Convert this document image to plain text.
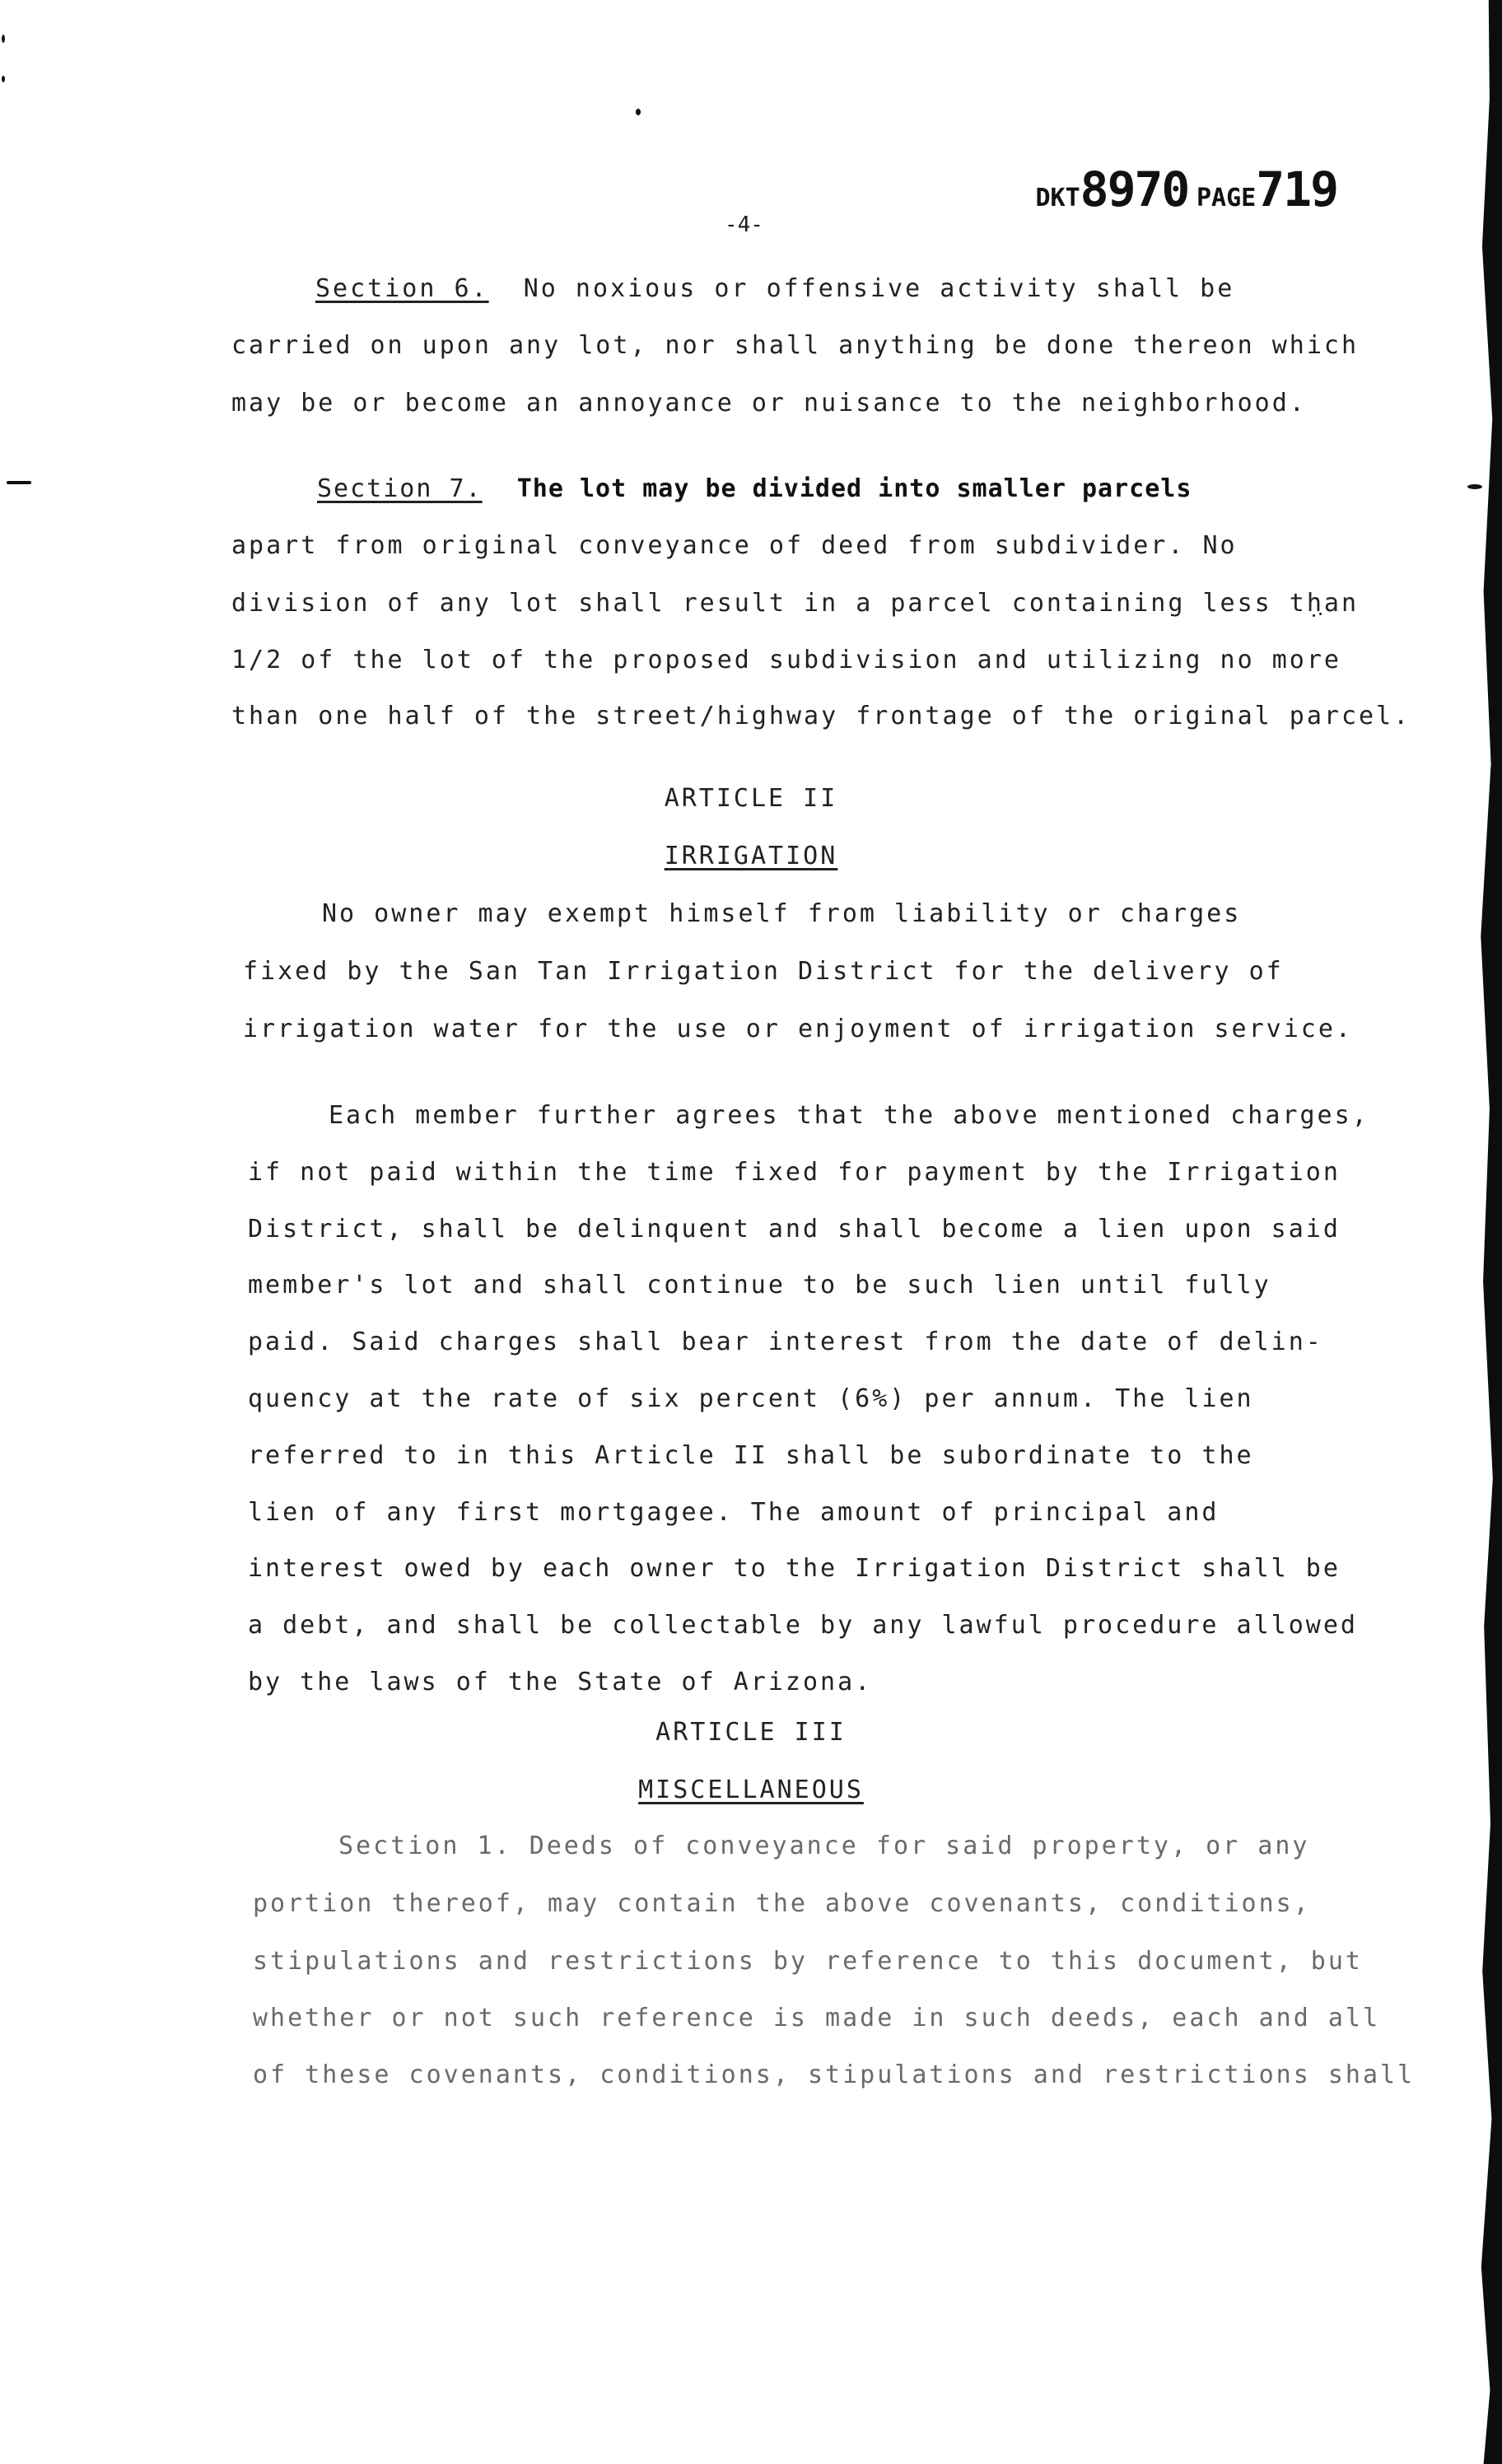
DKT8970 PAGE719
-4-
Section 6. No noxious or offensive activity shall be
carried on upon any lot, nor shall anything be done thereon which
may be or become an annoyance or nuisance to the neighborhood.
Section 7. The lot may be divided into smaller parcels
apart from original conveyance of deed from subdivider. No
division of any lot shall result in a parcel containing less than
1/2 of the lot of the proposed subdivision and utilizing no more
than one half of the street/highway frontage of the original parcel.
ARTICLE II
IRRIGATION
No owner may exempt himself from liability or charges
fixed by the San Tan Irrigation District for the delivery of
irrigation water for the use or enjoyment of irrigation service.
Each member further agrees that the above mentioned charges,
if not paid within the time fixed for payment by the Irrigation
District, shall be delinquent and shall become a lien upon said
member's lot and shall continue to be such lien until fully
paid. Said charges shall bear interest from the date of delin-
quency at the rate of six percent (6%) per annum. The lien
referred to in this Article II shall be subordinate to the
lien of any first mortgagee. The amount of principal and
interest owed by each owner to the Irrigation District shall be
a debt, and shall be collectable by any lawful procedure allowed
by the laws of the State of Arizona.
ARTICLE III
MISCELLANEOUS
Section 1. Deeds of conveyance for said property, or any
portion thereof, may contain the above covenants, conditions,
stipulations and restrictions by reference to this document, but
whether or not such reference is made in such deeds, each and all
of these covenants, conditions, stipulations and restrictions shall
